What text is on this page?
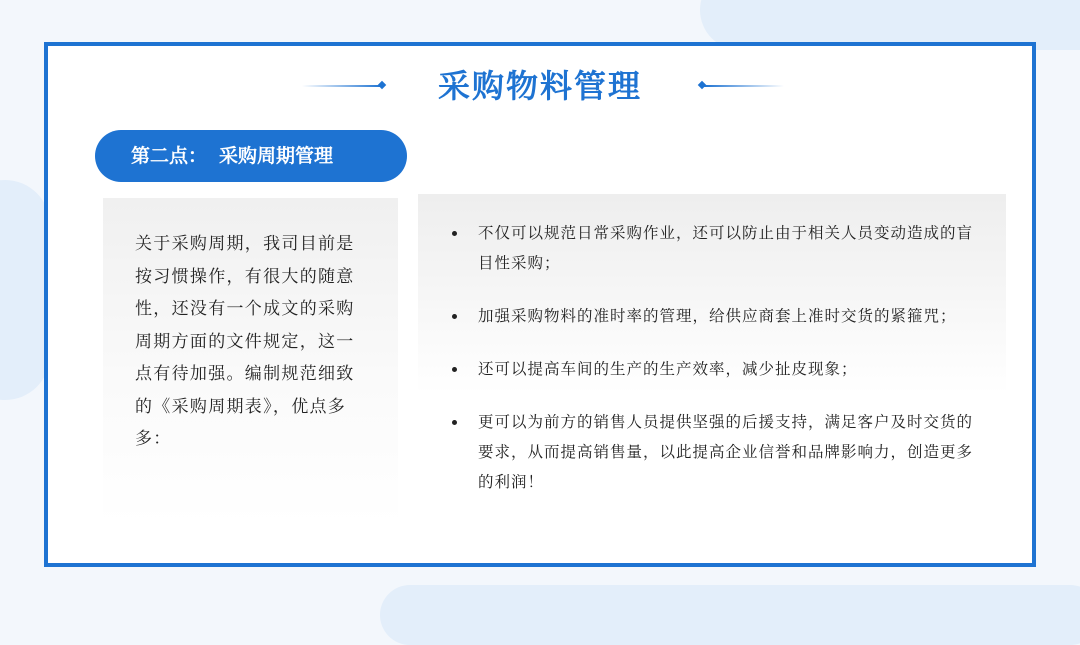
采购物料管理
第二点： 采购周期管理

关于采购周期，我司目前是按习惯操作，有很大的随意性，还没有一个成文的采购周期方面的文件规定，这一点有待加强。编制规范细致的《采购周期表》，优点多多：

不仅可以规范日常采购作业，还可以防止由于相关人员变动造成的盲目性采购；
加强采购物料的准时率的管理，给供应商套上准时交货的紧箍咒；
还可以提高车间的生产的生产效率，减少扯皮现象；
更可以为前方的销售人员提供坚强的后援支持，满足客户及时交货的要求，从而提高销售量，以此提高企业信誉和品牌影响力，创造更多的利润！
